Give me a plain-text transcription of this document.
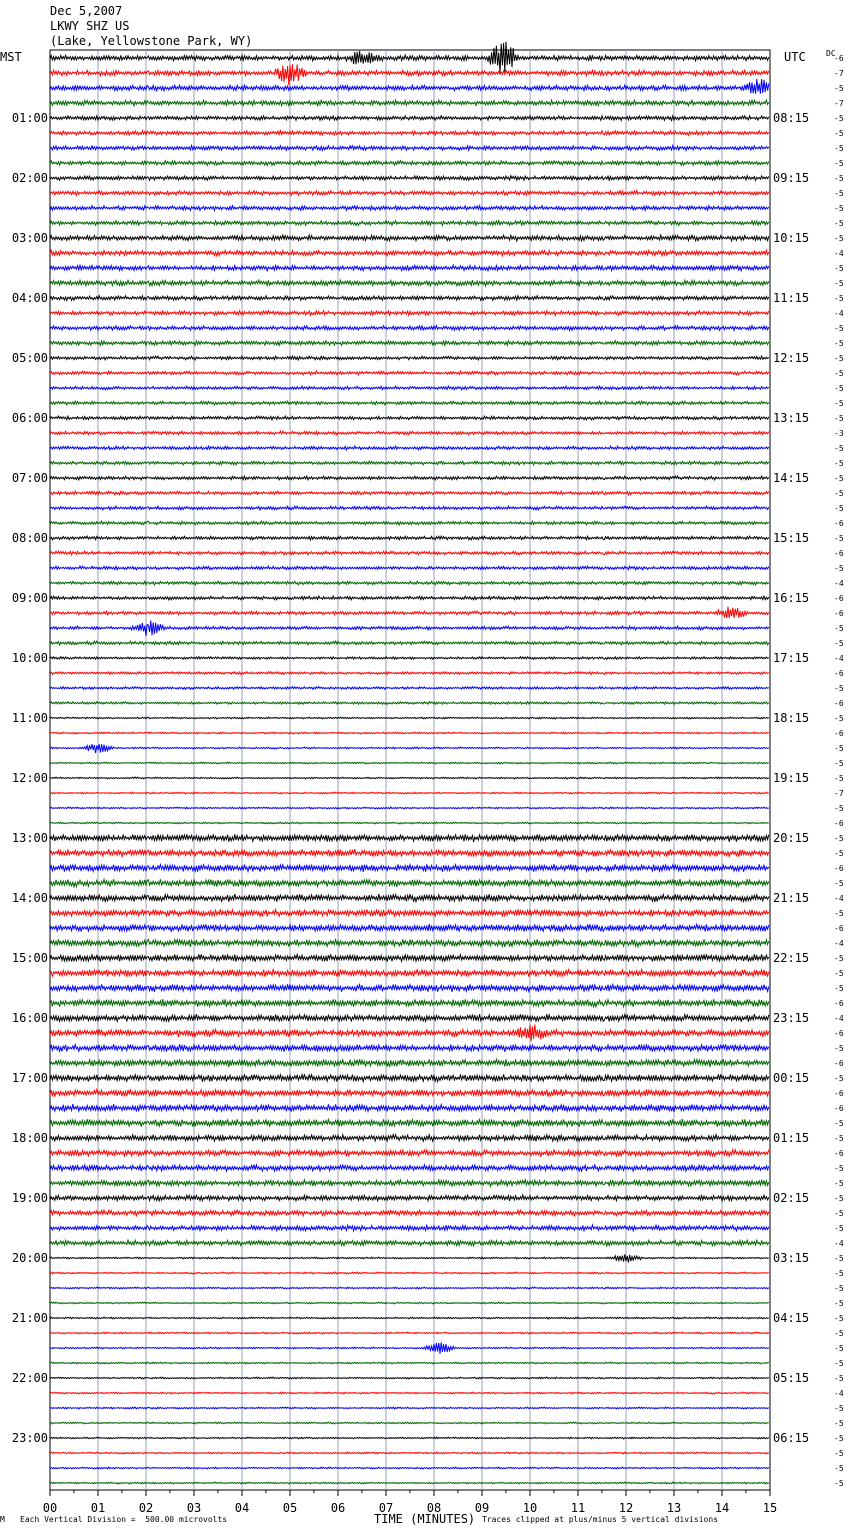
Dec 5,2007
LKWY SHZ US
(Lake, Yellowstone Park, WY)
MST	UTC	DC
00	01	02	03	04	05	06	07	08	09	10	11	12	13	14	15
-6
-7
-5
-7
-5
-5
-5
-5
-5
-5
-5
-5
-5
-4
-5
-5
-5
-4
-5
-5
-5
-5
-5
-5
-5
-3
-5
-5
-5
-5
-5
-6
-5
-6
-5
-4
-6
-6
-5
-5
-4
-6
-5
-6
-5
-6
-5
-5
-5
-7
-5
-6
-5
-5
-6
-5
-4
-5
-6
-4
-5
-5
-5
-6
-4
-6
-5
-6
-5
-6
-6
-5
-5
-6
-5
-5
-5
-5
-5
-4
-5
-5
-5
-5
-5
-5
-5
-5
-5
-4
-5
-5
-5
-5
-5
-5
01:00	08:15
02:00	09:15
03:00	10:15
04:00	11:15
05:00	12:15
06:00	13:15
07:00	14:15
08:00	15:15
09:00	16:15
10:00	17:15
11:00	18:15
12:00	19:15
13:00	20:15
14:00	21:15
15:00	22:15
16:00	23:15
17:00	00:15
18:00	01:15
19:00	02:15
20:00	03:15
21:00	04:15
22:00	05:15
23:00	06:15
M Each Vertical Division =  500.00 microvolts	TIME (MINUTES) Traces clipped at plus/minus 5 vertical divisions
